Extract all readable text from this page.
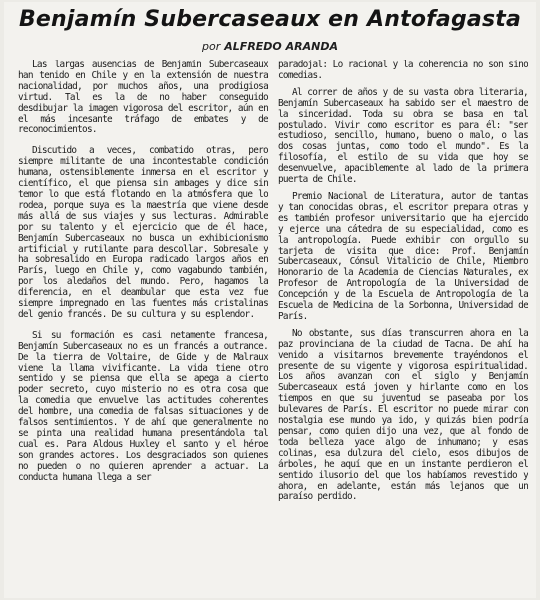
Benjamín Subercaseaux en Antofagasta
por ALFREDO ARANDA

Las largas ausencias de Benjamín Subercaseaux han tenido en Chile y en la extensión de nuestra nacionalidad, por muchos años, una prodigiosa virtud. Tal es la de no haber conseguido desdibujar la imagen vigorosa del escritor, aún en el más incesante tráfago de embates y de reconocimientos.

Discutido a veces, combatido otras, pero siempre militante de una incontestable condición humana, ostensiblemente inmersa en el escritor y científico, el que piensa sin ambages y dice sin temor lo que está flotando en la atmósfera que lo rodea, porque suya es la maestría que viene desde más allá de sus viajes y sus lecturas. Admirable por su talento y el ejercicio que de él hace, Benjamín Subercaseaux no busca un exhibicionismo artificial y rutilante para descollar. Sobresale y ha sobresalido en Europa radicado largos años en París, luego en Chile y, como vagabundo también, por los aledaños del mundo. Pero, hagamos la diferencia, en el deambular que esta vez fue siempre impregnado en las fuentes más cristalinas del genio francés. De su cultura y su esplendor.

Si su formación es casi netamente francesa, Benjamín Subercaseaux no es un francés a outrance. De la tierra de Voltaire, de Gide y de Malraux viene la llama vivificante. La vida tiene otro sentido y se piensa que ella se apega a cierto poder secreto, cuyo misterio no es otra cosa que la comedia que envuelve las actitudes coherentes del hombre, una comedia de falsas situaciones y de falsos sentimientos. Y de ahí que generalmente no se pinta una realidad humana presentándola tal cual es. Para Aldous Huxley el santo y el héroe son grandes actores. Los desgraciados son quienes no pueden o no quieren aprender a actuar. La conducta humana llega a ser

paradojal: Lo racional y la coherencia no son sino comedias.

Al correr de años y de su vasta obra literaria, Benjamín Subercaseaux ha sabido ser el maestro de la sinceridad. Toda su obra se basa en tal postulado. Vivir como escritor es para él: "ser estudioso, sencillo, humano, bueno o malo, o las dos cosas juntas, como todo el mundo". Es la filosofía, el estilo de su vida que hoy se desenvuelve, apaciblemente al lado de la primera puerta de Chile.

Premio Nacional de Literatura, autor de tantas y tan conocidas obras, el escritor prepara otras y es también profesor universitario que ha ejercido y ejerce una cátedra de su especialidad, como es la antropología. Puede exhibir con orgullo su tarjeta de visita que dice: Prof. Benjamín Subercaseaux, Cónsul Vitalicio de Chile, Miembro Honorario de la Academia de Ciencias Naturales, ex Profesor de Antropología de la Universidad de Concepción y de la Escuela de Antropología de la Escuela de Medicina de la Sorbonna, Universidad de París.

No obstante, sus días transcurren ahora en la paz provinciana de la ciudad de Tacna. De ahí ha venido a visitarnos brevemente trayéndonos el presente de su vigente y vigorosa espiritualidad. Los años avanzan con el siglo y Benjamín Subercaseaux está joven y hirlante como en los tiempos en que su juventud se paseaba por los bulevares de París. El escritor no puede mirar con nostalgia ese mundo ya ido, y quizás bien podría pensar, como quien dijo una vez, que al fondo de toda belleza yace algo de inhumano; y esas colinas, esa dulzura del cielo, esos dibujos de árboles, he aquí que en un instante perdieron el sentido ilusorio del que los habíamos revestido y ahora, en adelante, están más lejanos que un paraíso perdido.
